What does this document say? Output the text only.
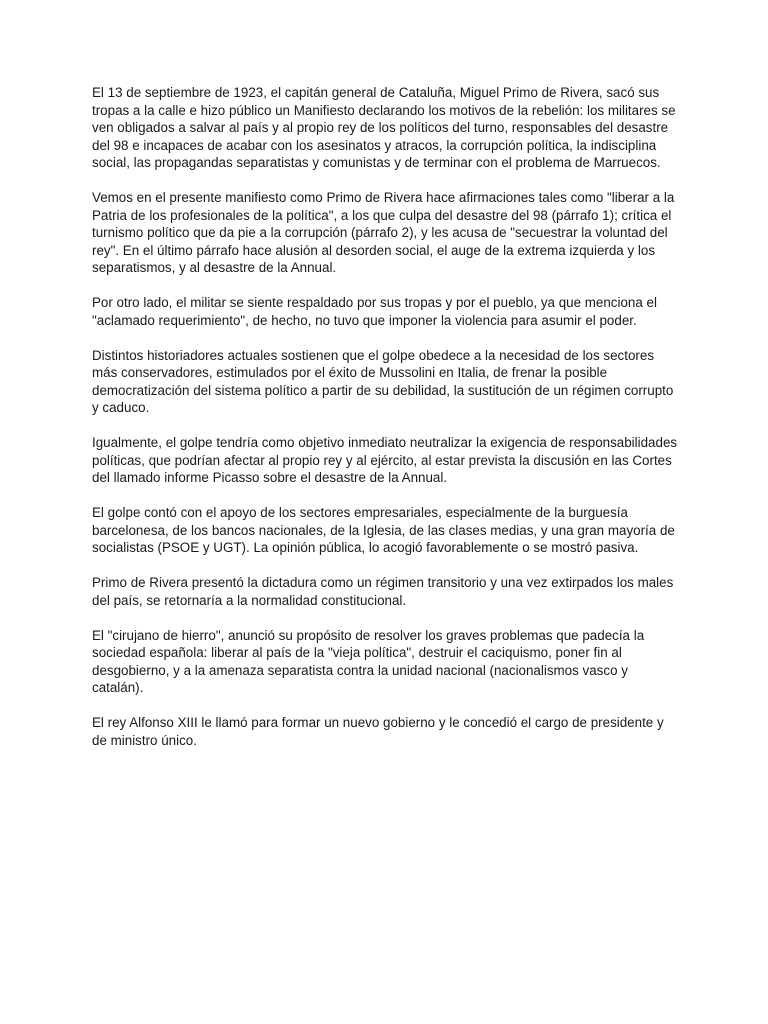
El 13 de septiembre de 1923, el capitán general de Cataluña, Miguel Primo de Rivera, sacó sus tropas a la calle e hizo público un Manifiesto declarando los motivos de la rebelión: los militares se ven obligados a salvar al país y al propio rey de los políticos del turno, responsables del desastre del 98 e incapaces de acabar con los asesinatos y atracos, la corrupción política, la indisciplina social, las propagandas separatistas y comunistas y de terminar con el problema de Marruecos.

Vemos en el presente manifiesto como Primo de Rivera hace afirmaciones tales como "liberar a la Patria de los profesionales de la política", a los que culpa del desastre del 98 (párrafo 1); crítica el turnismo político que da pie a la corrupción (párrafo 2), y les acusa de "secuestrar la voluntad del rey". En el último párrafo hace alusión al desorden social, el auge de la extrema izquierda y los separatismos, y al desastre de la Annual.

Por otro lado, el militar se siente respaldado por sus tropas y por el pueblo, ya que menciona el "aclamado requerimiento", de hecho, no tuvo que imponer la violencia para asumir el poder.

Distintos historiadores actuales sostienen que el golpe obedece a la necesidad de los sectores más conservadores, estimulados por el éxito de Mussolini en Italia, de frenar la posible democratización del sistema político a partir de su debilidad, la sustitución de un régimen corrupto y caduco.

Igualmente, el golpe tendría como objetivo inmediato neutralizar la exigencia de responsabilidades políticas, que podrían afectar al propio rey y al ejército, al estar prevista la discusión en las Cortes del llamado informe Picasso sobre el desastre de la Annual.

El golpe contó con el apoyo de los sectores empresariales, especialmente de la burguesía barcelonesa, de los bancos nacionales, de la Iglesia, de las clases medias, y una gran mayoría de socialistas (PSOE y UGT). La opinión pública, lo acogió favorablemente o se mostró pasiva.

Primo de Rivera presentó la dictadura como un régimen transitorio y una vez extirpados los males del país, se retornaría a la normalidad constitucional.

El "cirujano de hierro", anunció su propósito de resolver los graves problemas que padecía la sociedad española: liberar al país de la "vieja política", destruir el caciquismo, poner fin al desgobierno, y a la amenaza separatista contra la unidad nacional (nacionalismos vasco y catalán).

El rey Alfonso XIII le llamó para formar un nuevo gobierno y le concedió el cargo de presidente y de ministro único.
